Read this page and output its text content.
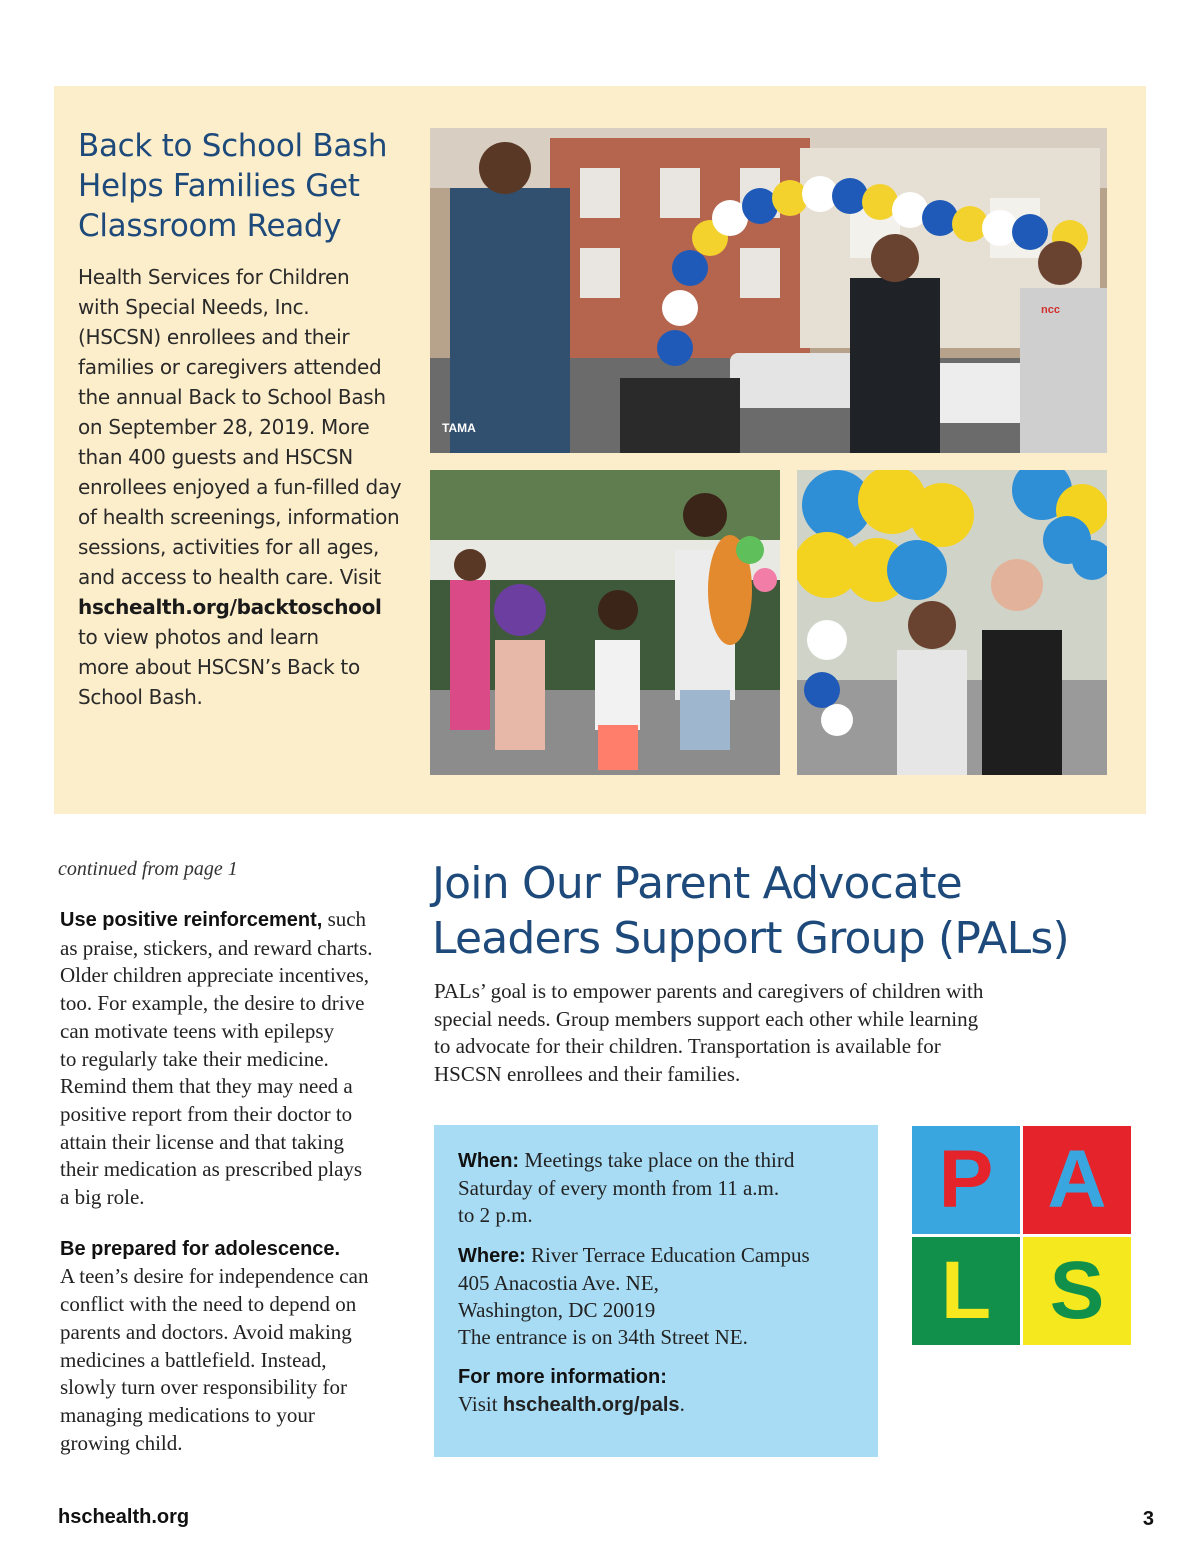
Back to School Bash
Helps Families Get
Classroom Ready
Health Services for Children
with Special Needs, Inc.
(HSCSN) enrollees and their
families or caregivers attended
the annual Back to School Bash
on September 28, 2019. More
than 400 guests and HSCSN
enrollees enjoyed a fun-filled day
of health screenings, information
sessions, activities for all ages,
and access to health care. Visit
hschealth.org/backtoschool
to view photos and learn
more about HSCSN’s Back to
School Bash.
TAMA
ncc
continued from page 1

Use positive reinforcement, such
as praise, stickers, and reward charts.
Older children appreciate incentives,
too. For example, the desire to drive
can motivate teens with epilepsy
to regularly take their medicine.
Remind them that they may need a
positive report from their doctor to
attain their license and that taking
their medication as prescribed plays
a big role.

Be prepared for adolescence.
A teen’s desire for independence can
conflict with the need to depend on
parents and doctors. Avoid making
medicines a battlefield. Instead,
slowly turn over responsibility for
managing medications to your
growing child.

Join Our Parent Advocate
Leaders Support Group (PALs)
PALs’ goal is to empower parents and caregivers of children with
special needs. Group members support each other while learning
to advocate for their children. Transportation is available for
HSCSN enrollees and their families.
When: Meetings take place on the third
Saturday of every month from 11 a.m.
to 2 p.m.
Where: River Terrace Education Campus
405 Anacostia Ave. NE,
Washington, DC 20019
The entrance is on 34th Street NE.
For more information:
Visit hschealth.org/pals.
P A
L S
hschealth.org	3
